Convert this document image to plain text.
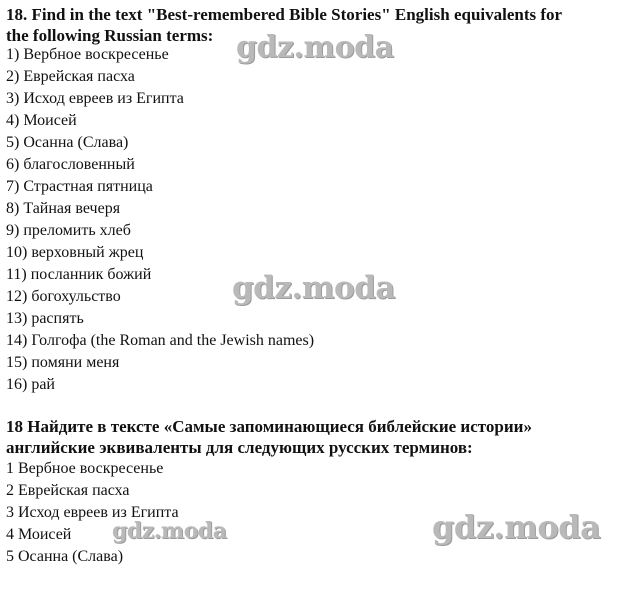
18. Find in the text "Best-remembered Bible Stories" English equivalents for
the following Russian terms:
1) Вербное воскресенье
2) Еврейская пасха
3) Исход евреев из Египта
4) Моисей
5) Осанна (Слава)
6) благословенный
7) Страстная пятница
8) Тайная вечеря
9) преломить хлеб
10) верховный жрец
11) посланник божий
12) богохульство
13) распять
14) Голгофа (the Roman and the Jewish names)
15) помяни меня
16) рай
18 Найдите в тексте «Самые запоминающиеся библейские истории»
английские эквиваленты для следующих русских терминов:
1 Вербное воскресенье
2 Еврейская пасха
3 Исход евреев из Египта
4 Моисей
5 Осанна (Слава)
gdz.moda
gdz.moda
gdz.moda	gdz.moda
